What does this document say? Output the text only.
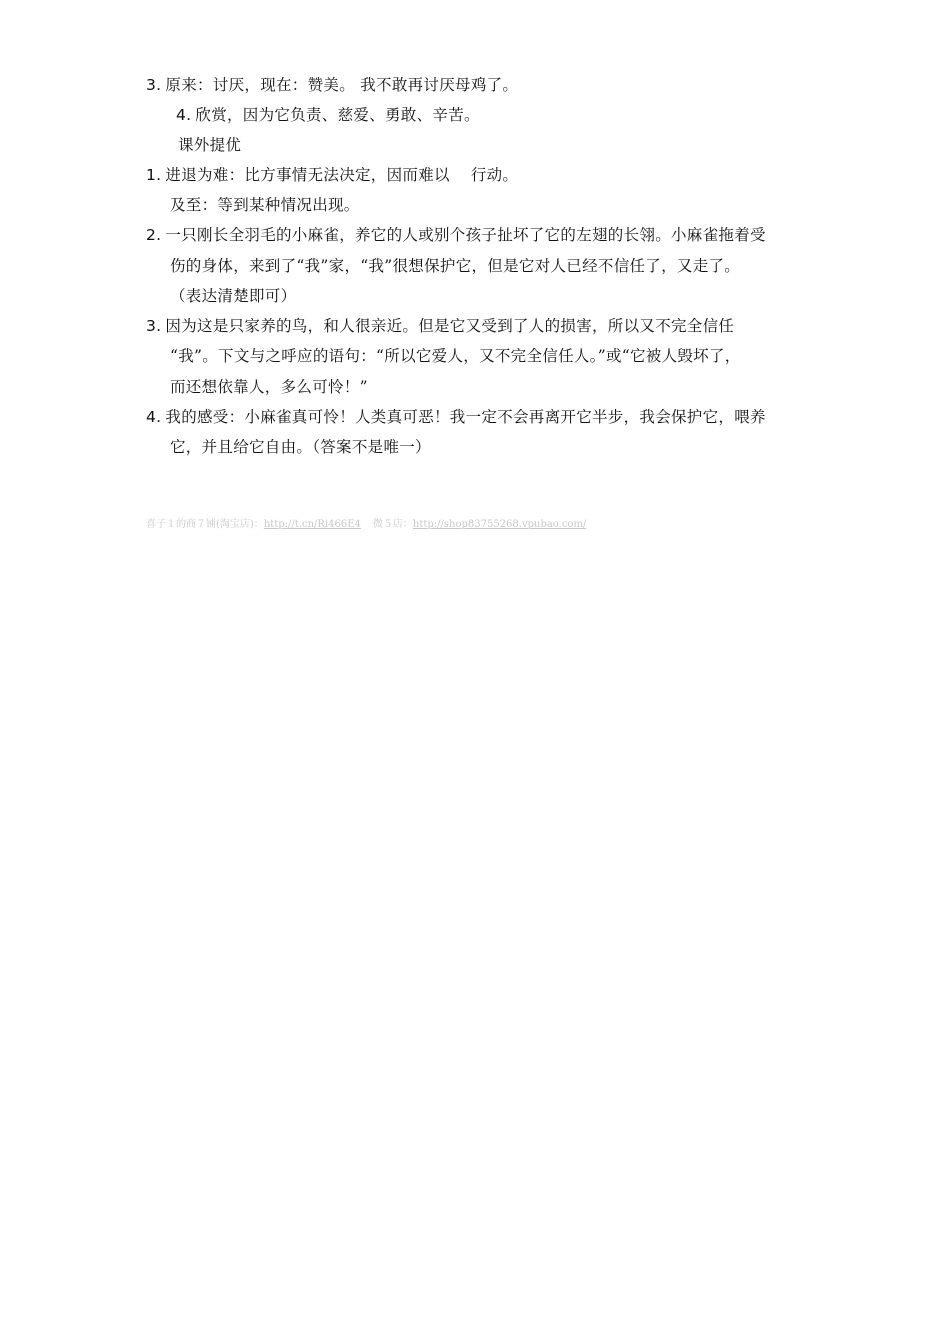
3. 原来：讨厌，现在：赞美。 我不敢再讨厌母鸡了。
4. 欣赏，因为它负责、慈爱、勇敢、辛苦。
课外提优
1. 进退为难：比方事情无法决定，因而难以　 行动。
及至：等到某种情况出现。
2. 一只刚长全羽毛的小麻雀，养它的人或别个孩子扯坏了它的左翅的长翎。小麻雀拖着受
伤的身体，来到了“我”家，“我”很想保护它，但是它对人已经不信任了，又走了。
（表达清楚即可）
3. 因为这是只家养的鸟，和人很亲近。但是它又受到了人的损害，所以又不完全信任
“我”。下文与之呼应的语句：“所以它爱人，又不完全信任人。”或“它被人毁坏了，
而还想依靠人，多么可怜！”
4. 我的感受：小麻雀真可怜！人类真可恶！我一定不会再离开它半步，我会保护它，喂养
它，并且给它自由。（答案不是唯一）
喜子１的商７铺(淘宝店)：http://t.cn/Ri466E4 微５店：http://shop83755268.vpubao.com/
